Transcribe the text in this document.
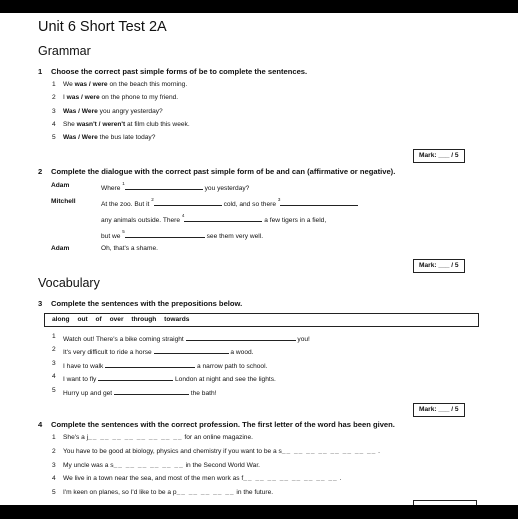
Unit 6 Short Test 2A
Grammar
1 Choose the correct past simple forms of be to complete the sentences.
1 We was / were on the beach this morning.
2 I was / were on the phone to my friend.
3 Was / Were you angry yesterday?
4 She wasn't / weren't at film club this week.
5 Was / Were the bus late today?
Mark: ___ / 5
2 Complete the dialogue with the correct past simple form of be and can (affirmative or negative).
Adam	Where $^1$ you yesterday?
Mitchell	At the zoo. But it $^2$ cold, and so there $^3$
any animals outside. There $^4$ a few tigers in a field,
but we $^5$ see them very well.
Adam	Oh, that's a shame.
Mark: ___ / 5
Vocabulary
3 Complete the sentences with the prepositions below.
along out of over through towards
1 Watch out! There's a bike coming straight	you!
2 It's very difficult to ride a horse	a wood.
3 I have to walk	a narrow path to school.
4 I want to fly	London at night and see the lights.
5 Hurry up and get	the bath!
Mark: ___ / 5
4 Complete the sentences with the correct profession. The first letter of the word has been given.
1 She's a j__ __ __ __ __ __ __ __ for an online magazine.
2 You have to be good at biology, physics and chemistry if you want to be a s__ __ __ __ __ __ __ __ .
3 My uncle was a s__ __ __ __ __ __ in the Second World War.
4 We live in a town near the sea, and most of the men work as f__ __ __ __ __ __ __ __ .
5 I'm keen on planes, so I'd like to be a p__ __ __ __ __ in the future.
